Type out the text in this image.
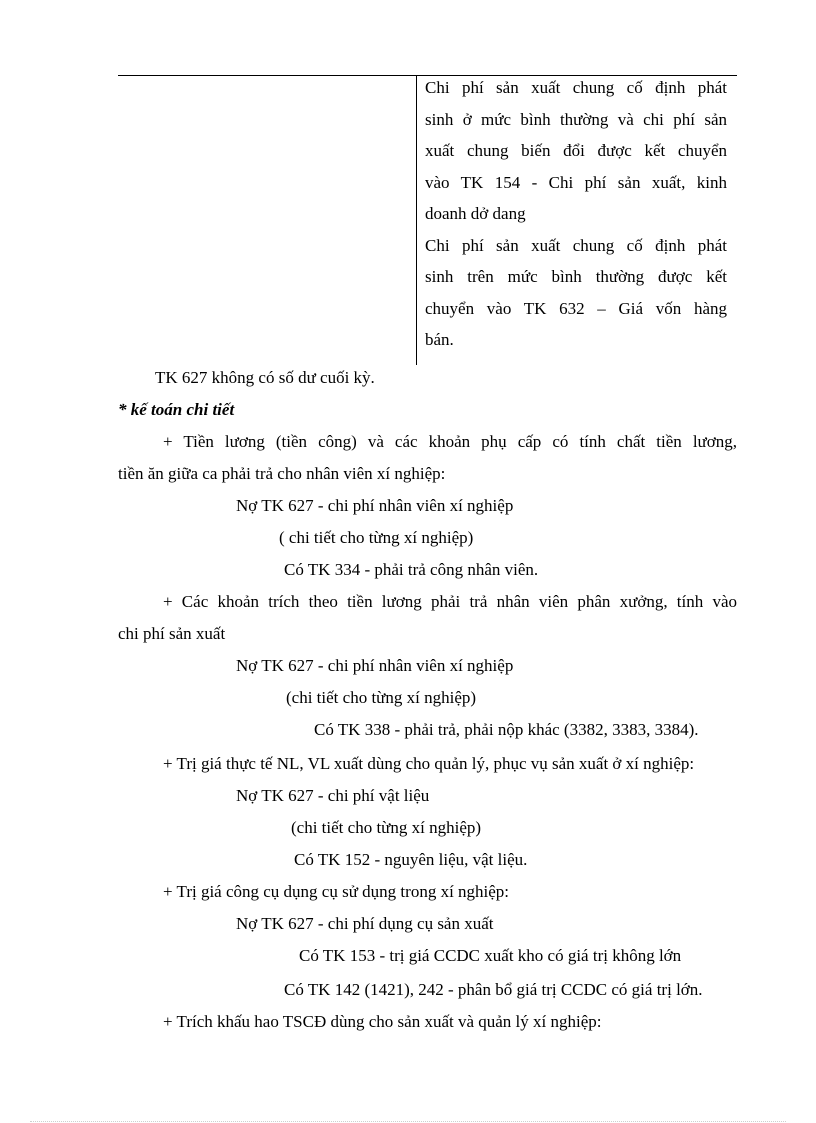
Chi phí sản xuất chung cố định phát
sinh ở mức bình thường và chi phí sản
xuất chung biến đổi được kết chuyển
vào TK 154 - Chi phí sản xuất, kinh
doanh dở dang
Chi phí sản xuất chung cố định phát
sinh trên mức bình thường được kết
chuyển vào TK 632 – Giá vốn hàng
bán.
TK 627 không có số dư cuối kỳ.
* kế toán chi tiết
+ Tiền lương (tiền công) và các khoản phụ cấp có tính chất tiền lương,
tiền ăn giữa ca phải trả cho nhân viên xí nghiệp:
Nợ TK 627 - chi phí nhân viên xí nghiệp
( chi tiết cho từng xí nghiệp)
Có TK 334 - phải trả công nhân viên.
+ Các khoản trích theo tiền lương phải trả nhân viên phân xưởng, tính vào
chi phí sản xuất
Nợ TK 627 - chi phí nhân viên xí nghiệp
(chi tiết cho từng xí nghiệp)
Có TK 338 - phải trả, phải nộp khác (3382, 3383, 3384).
+ Trị giá thực tế NL, VL xuất dùng cho quản lý, phục vụ sản xuất ở xí nghiệp:
Nợ TK 627 - chi phí vật liệu
(chi tiết cho từng xí nghiệp)
Có TK 152 - nguyên liệu, vật liệu.
+ Trị giá công cụ dụng cụ sử dụng trong xí nghiệp:
Nợ TK 627 - chi phí dụng cụ sản xuất
Có TK 153 - trị giá CCDC xuất kho có giá trị không lớn
Có TK 142 (1421), 242 - phân bổ giá trị CCDC có giá trị lớn.
+ Trích khấu hao TSCĐ dùng cho sản xuất và quản lý xí nghiệp:
